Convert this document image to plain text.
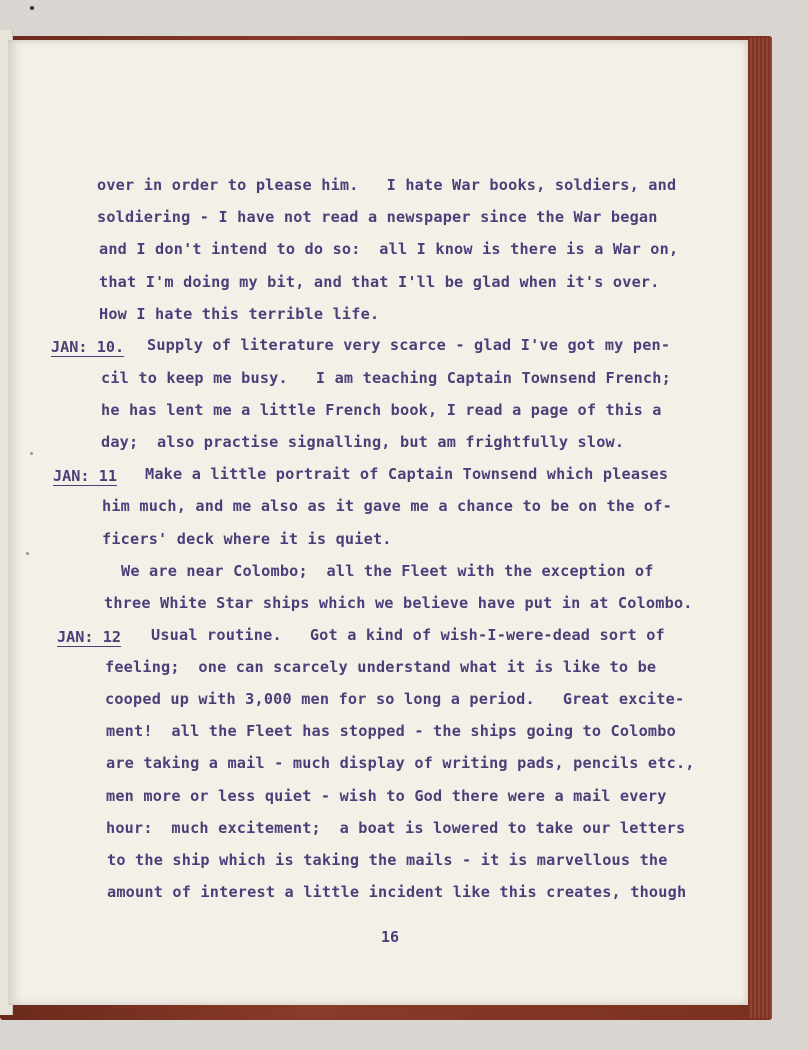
over in order to please him.   I hate War books, soldiers, and
soldiering - I have not read a newspaper since the War began
and I don't intend to do so:  all I know is there is a War on,
that I'm doing my bit, and that I'll be glad when it's over.
How I hate this terrible life.
JAN: 10. Supply of literature very scarce - glad I've got my pen-
cil to keep me busy.   I am teaching Captain Townsend French;
he has lent me a little French book, I read a page of this a
day;  also practise signalling, but am frightfully slow.
JAN: 11 Make a little portrait of Captain Townsend which pleases
him much, and me also as it gave me a chance to be on the of-
ficers' deck where it is quiet.
We are near Colombo;  all the Fleet with the exception of
three White Star ships which we believe have put in at Colombo.
JAN: 12 Usual routine.   Got a kind of wish-I-were-dead sort of
feeling;  one can scarcely understand what it is like to be
cooped up with 3,000 men for so long a period.   Great excite-
ment!  all the Fleet has stopped - the ships going to Colombo
are taking a mail - much display of writing pads, pencils etc.,
men more or less quiet - wish to God there were a mail every
hour:  much excitement;  a boat is lowered to take our letters
to the ship which is taking the mails - it is marvellous the
amount of interest a little incident like this creates, though
16
